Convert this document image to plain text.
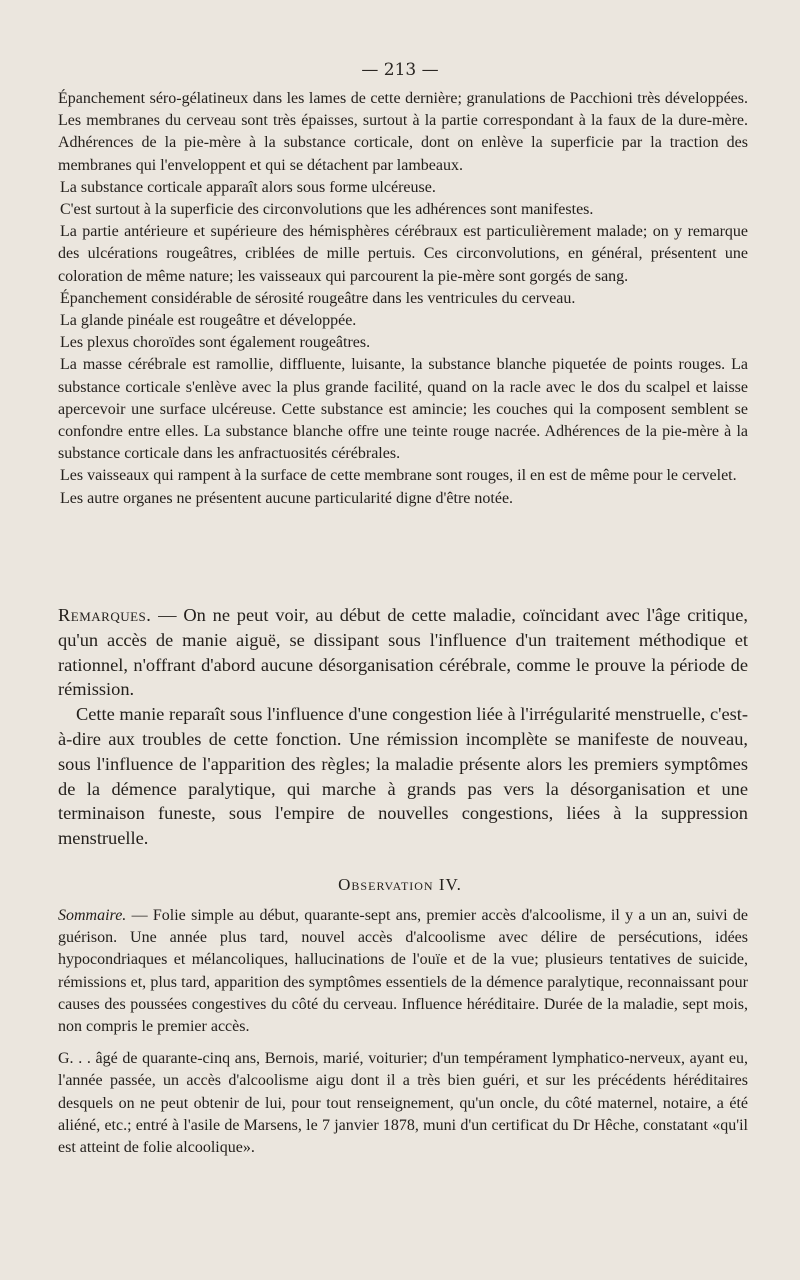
— 213 —

Épanchement séro-gélatineux dans les lames de cette dernière; granulations de Pacchioni très développées. Les membranes du cerveau sont très épaisses, surtout à la partie correspondant à la faux de la dure-mère. Adhérences de la pie-mère à la substance corticale, dont on enlève la superficie par la traction des membranes qui l'enveloppent et qui se détachent par lambeaux.

La substance corticale apparaît alors sous forme ulcéreuse.

C'est surtout à la superficie des circonvolutions que les adhérences sont manifestes.

La partie antérieure et supérieure des hémisphères cérébraux est particulièrement malade; on y remarque des ulcérations rougeâtres, criblées de mille pertuis. Ces circonvolutions, en général, présentent une coloration de même nature; les vaisseaux qui parcourent la pie-mère sont gorgés de sang.

Épanchement considérable de sérosité rougeâtre dans les ventricules du cerveau.

La glande pinéale est rougeâtre et développée.

Les plexus choroïdes sont également rougeâtres.

La masse cérébrale est ramollie, diffluente, luisante, la substance blanche piquetée de points rouges. La substance corticale s'enlève avec la plus grande facilité, quand on la racle avec le dos du scalpel et laisse apercevoir une surface ulcéreuse. Cette substance est amincie; les couches qui la composent semblent se confondre entre elles. La substance blanche offre une teinte rouge nacrée. Adhérences de la pie-mère à la substance corticale dans les anfractuosités cérébrales.

Les vaisseaux qui rampent à la surface de cette membrane sont rouges, il en est de même pour le cervelet.

Les autre organes ne présentent aucune particularité digne d'être notée.

Remarques. — On ne peut voir, au début de cette maladie, coïncidant avec l'âge critique, qu'un accès de manie aiguë, se dissipant sous l'influence d'un traitement méthodique et rationnel, n'offrant d'abord aucune désorganisation cérébrale, comme le prouve la période de rémission.

Cette manie reparaît sous l'influence d'une congestion liée à l'irrégularité menstruelle, c'est-à-dire aux troubles de cette fonction. Une rémission incomplète se manifeste de nouveau, sous l'influence de l'apparition des règles; la maladie présente alors les premiers symptômes de la démence paralytique, qui marche à grands pas vers la désorganisation et une terminaison funeste, sous l'empire de nouvelles congestions, liées à la suppression menstruelle.

Observation IV.

Sommaire. — Folie simple au début, quarante-sept ans, premier accès d'alcoolisme, il y a un an, suivi de guérison. Une année plus tard, nouvel accès d'alcoolisme avec délire de persécutions, idées hypocondriaques et mélancoliques, hallucinations de l'ouïe et de la vue; plusieurs tentatives de suicide, rémissions et, plus tard, apparition des symptômes essentiels de la démence paralytique, reconnaissant pour causes des poussées congestives du côté du cerveau. Influence héréditaire. Durée de la maladie, sept mois, non compris le premier accès.

G. . . âgé de quarante-cinq ans, Bernois, marié, voiturier; d'un tempérament lymphatico-nerveux, ayant eu, l'année passée, un accès d'alcoolisme aigu dont il a très bien guéri, et sur les précédents héréditaires desquels on ne peut obtenir de lui, pour tout renseignement, qu'un oncle, du côté maternel, notaire, a été aliéné, etc.; entré à l'asile de Marsens, le 7 janvier 1878, muni d'un certificat du Dr Hêche, constatant «qu'il est atteint de folie alcoolique».
